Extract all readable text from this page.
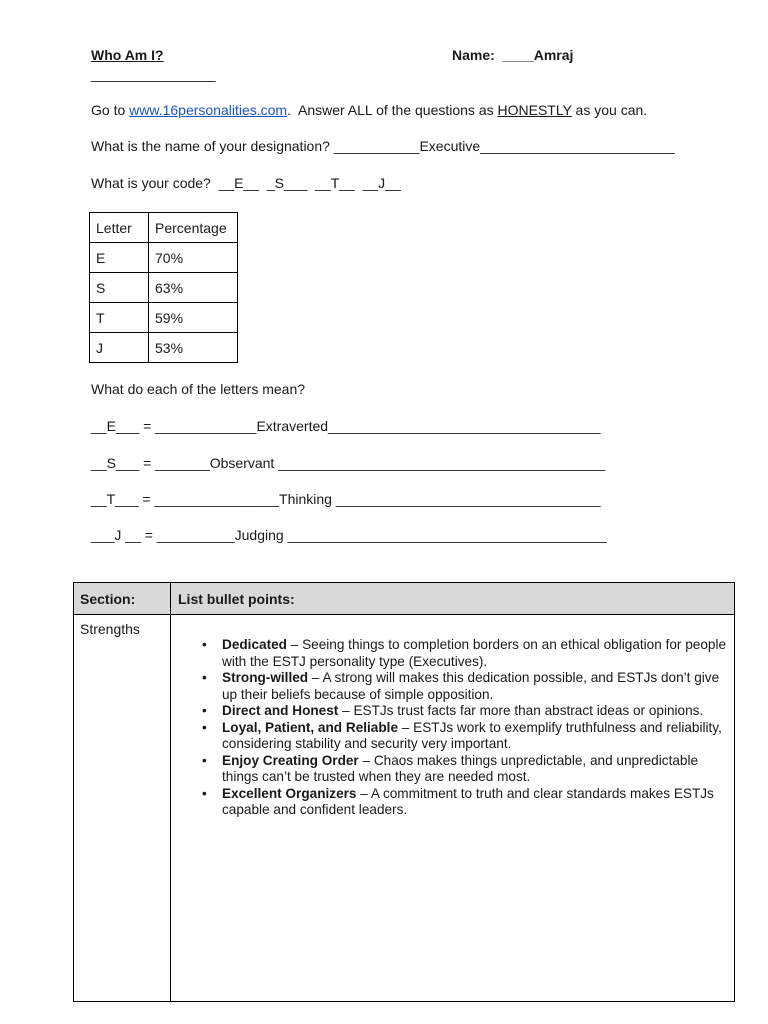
Who Am I?	Name: ____Amraj
________________
Go to www.16personalities.com.  Answer ALL of the questions as HONESTLY as you can.
What is the name of your designation? ___________Executive_________________________
What is your code?  __E__  _S___  __T__  __J__
Letter	Percentage
E	70%
S	63%
T	59%
J	53%
What do each of the letters mean?
__E___ = _____________Extraverted___________________________________
__S___ = _______Observant __________________________________________
__T___ = ________________Thinking __________________________________
___J __ = __________Judging _________________________________________
Section:	List bullet points:
Strengths
• Dedicated – Seeing things to completion borders on an ethical obligation for people with the ESTJ personality type (Executives).
• Strong-willed – A strong will makes this dedication possible, and ESTJs don’t give up their beliefs because of simple opposition.
• Direct and Honest – ESTJs trust facts far more than abstract ideas or opinions.
• Loyal, Patient, and Reliable – ESTJs work to exemplify truthfulness and reliability, considering stability and security very important.
• Enjoy Creating Order – Chaos makes things unpredictable, and unpredictable things can’t be trusted when they are needed most.
• Excellent Organizers – A commitment to truth and clear standards makes ESTJs capable and confident leaders.
